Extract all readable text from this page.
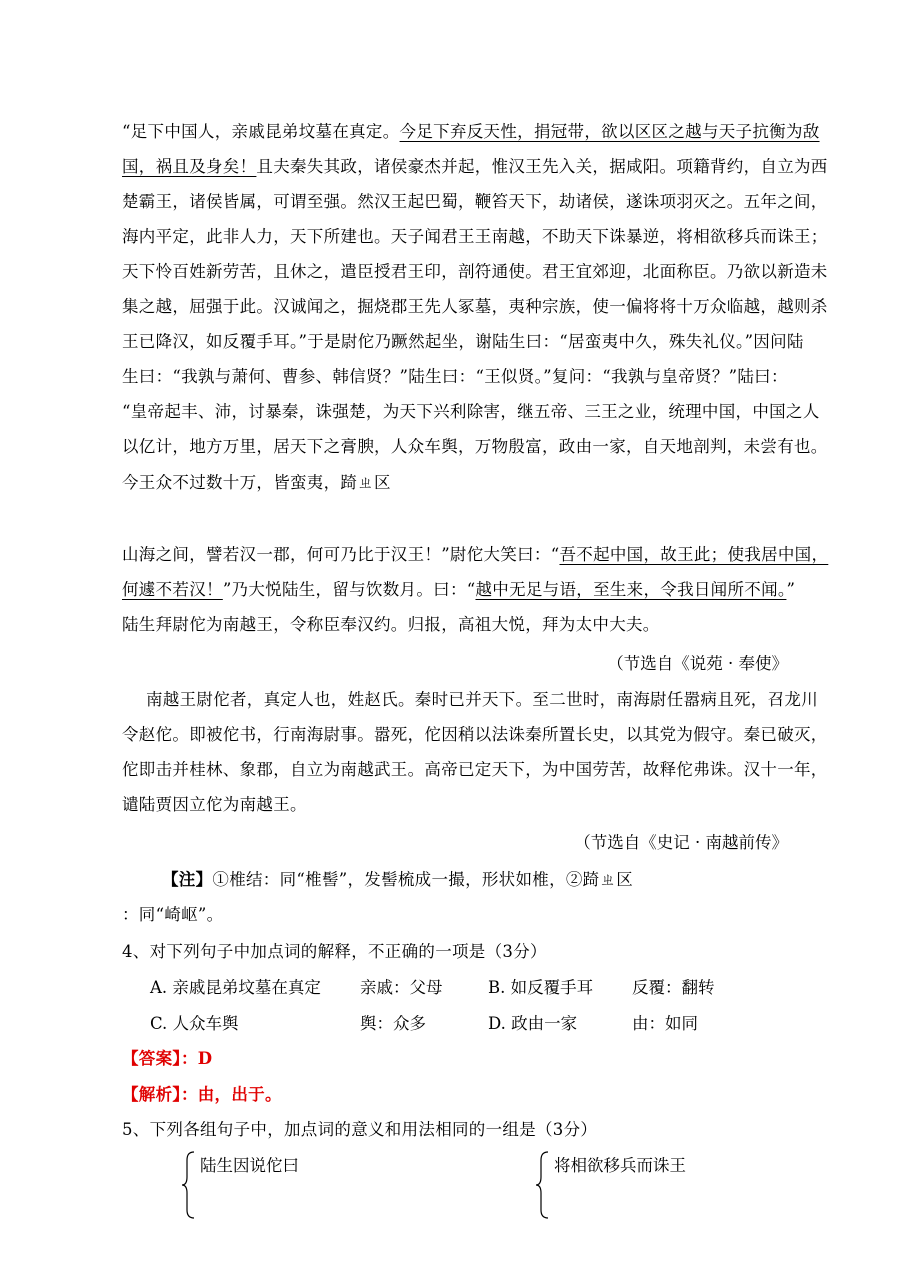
“足下中国人，亲戚昆弟坟墓在真定。今足下弃反天性，捐冠带，欲以区区之越与天子抗衡为敌
国，祸且及身矣！且夫秦失其政，诸侯豪杰并起，惟汉王先入关，据咸阳。项籍背约，自立为西
楚霸王，诸侯皆属，可谓至强。然汉王起巴蜀，鞭笞天下，劫诸侯，遂诛项羽灭之。五年之间，
海内平定，此非人力，天下所建也。天子闻君王王南越，不助天下诛暴逆，将相欲移兵而诛王；
天下怜百姓新劳苦，且休之，遣臣授君王印，剖符通使。君王宜郊迎，北面称臣。乃欲以新造未
集之越，屈强于此。汉诚闻之，掘烧郡王先人冢墓，夷种宗族，使一偏将将十万众临越，越则杀
王已降汉，如反覆手耳。”于是尉佗乃蹶然起坐，谢陆生曰：“居蛮夷中久，殊失礼仪。”因问陆
生曰：“我孰与萧何、曹参、韩信贤？”陆生曰：“王似贤。”复问：“我孰与皇帝贤？”陆曰：
“皇帝起丰、沛，讨暴秦，诛强楚，为天下兴利除害，继五帝、三王之业，统理中国，中国之人
以亿计，地方万里，居天下之膏腴，人众车舆，万物殷富，政由一家，自天地剖判，未尝有也。
今王众不过数十万，皆蛮夷，踦ㄓ区
山海之间，譬若汉一郡，何可乃比于汉王！”尉佗大笑曰：“吾不起中国，故王此；使我居中国，
何遽不若汉！”乃大悦陆生，留与饮数月。曰：“越中无足与语，至生来，令我日闻所不闻。”
陆生拜尉佗为南越王，令称臣奉汉约。归报，高祖大悦，拜为太中大夫。
（节选自《说苑 · 奉使》
南越王尉佗者，真定人也，姓赵氏。秦时已并天下。至二世时，南海尉任嚣病且死，召龙川
令赵佗。即被佗书，行南海尉事。嚣死，佗因稍以法诛秦所置长史，以其党为假守。秦已破灭，
佗即击并桂林、象郡，自立为南越武王。高帝已定天下，为中国劳苦，故释佗弗诛。汉十一年，
谴陆贾因立佗为南越王。
（节选自《史记 · 南越前传》
【注】①椎结：同“椎髻”，发髻梳成一撮，形状如椎，②踦ㄓ区
：同“崎岖”。
4、对下列句子中加点词的解释，不正确的一项是（3分）
A. 亲戚昆弟坟墓在真定 亲戚：父母	B. 如反覆手耳 反覆：翻转
C. 人众车舆	舆：众多	D. 政由一家	由：如同
【答案】：D
【解析】：由，出于。
5、下列各组句子中，加点词的意义和用法相同的一组是（3分）
陆生因说佗曰	将相欲移兵而诛王
